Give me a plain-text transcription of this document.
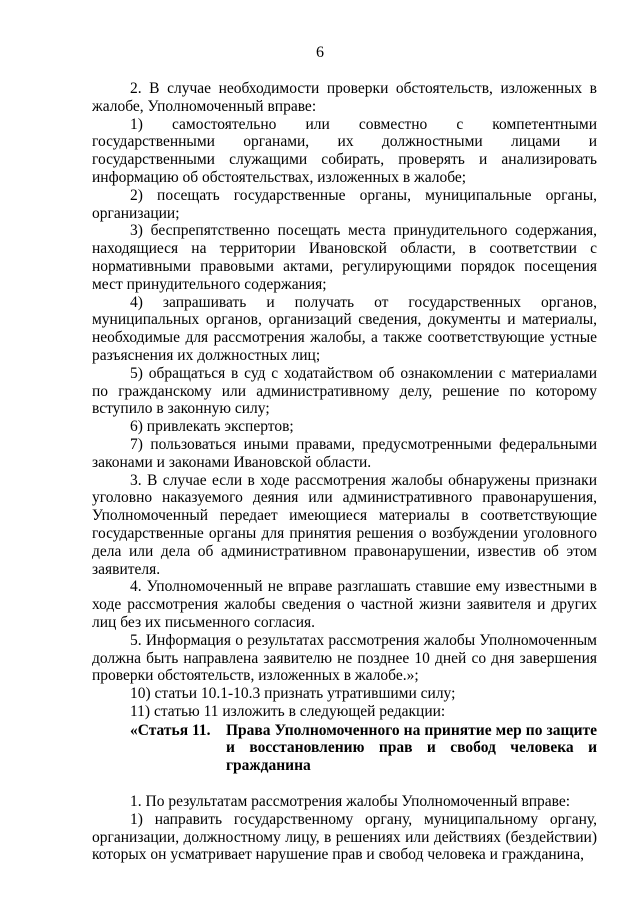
6

2. В случае необходимости проверки обстоятельств, изложенных в жалобе, Уполномоченный вправе:

1) самостоятельно или совместно с компетентными государственными органами, их должностными лицами и государственными служащими собирать, проверять и анализировать информацию об обстоятельствах, изложенных в жалобе;

2) посещать государственные органы, муниципальные органы, организации;

3) беспрепятственно посещать места принудительного содержания, находящиеся на территории Ивановской области, в соответствии с нормативными правовыми актами, регулирующими порядок посещения мест принудительного содержания;

4) запрашивать и получать от государственных органов, муниципальных органов, организаций сведения, документы и материалы, необходимые для рассмотрения жалобы, а также соответствующие устные разъяснения их должностных лиц;

5) обращаться в суд с ходатайством об ознакомлении с материалами по гражданскому или административному делу, решение по которому вступило в законную силу;

6) привлекать экспертов;

7) пользоваться иными правами, предусмотренными федеральными законами и законами Ивановской области.

3. В случае если в ходе рассмотрения жалобы обнаружены признаки уголовно наказуемого деяния или административного правонарушения, Уполномоченный передает имеющиеся материалы в соответствующие государственные органы для принятия решения о возбуждении уголовного дела или дела об административном правонарушении, известив об этом заявителя.

4. Уполномоченный не вправе разглашать ставшие ему известными в ходе рассмотрения жалобы сведения о частной жизни заявителя и других лиц без их письменного согласия.

5. Информация о результатах рассмотрения жалобы Уполномоченным должна быть направлена заявителю не позднее 10 дней со дня завершения проверки обстоятельств, изложенных в жалобе.»;

10) статьи 10.1-10.3 признать утратившими силу;

11) статью 11 изложить в следующей редакции:

«Статья 11.	Права Уполномоченного на принятие мер по защите и восстановлению прав и свобод человека и гражданина

1. По результатам рассмотрения жалобы Уполномоченный вправе:

1) направить государственному органу, муниципальному органу, организации, должностному лицу, в решениях или действиях (бездействии) которых он усматривает нарушение прав и свобод человека и гражданина,
